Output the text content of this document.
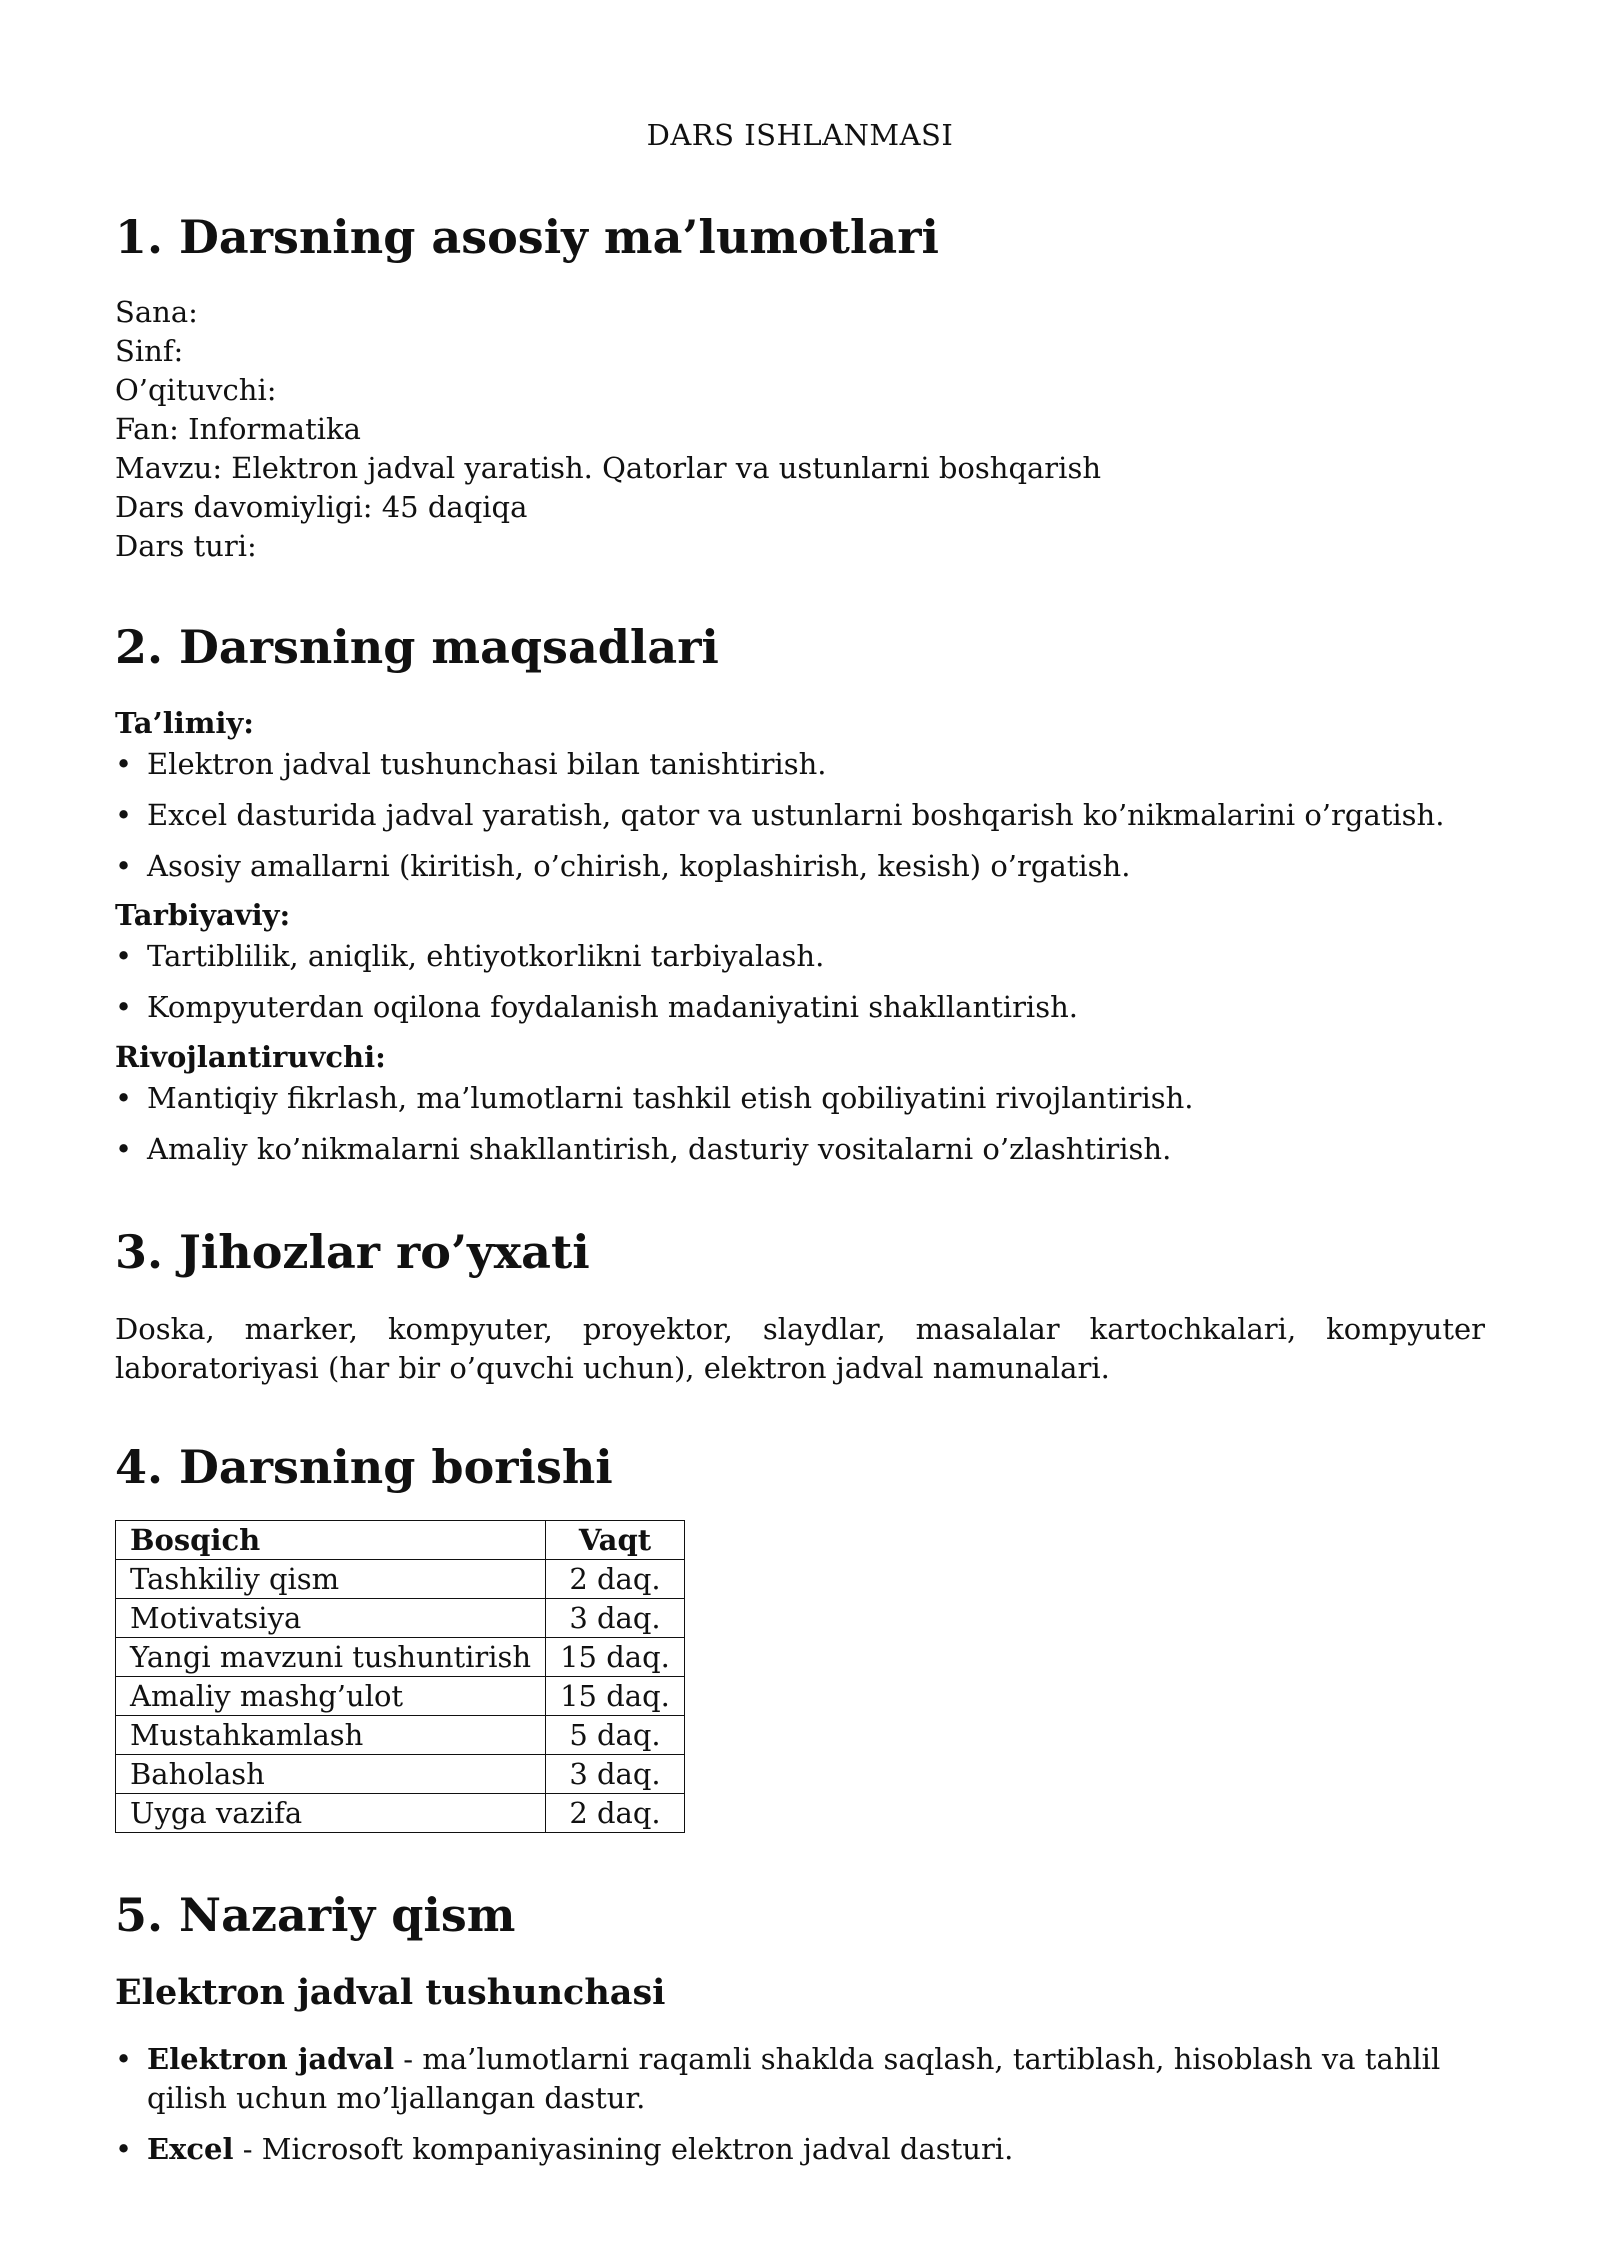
DARS ISHLANMASI
1. Darsning asosiy ma’lumotlari
Sana:
Sinf:
O’qituvchi:
Fan: Informatika
Mavzu: Elektron jadval yaratish. Qatorlar va ustunlarni boshqarish
Dars davomiyligi: 45 daqiqa
Dars turi:
2. Darsning maqsadlari
Ta’limiy:
• Elektron jadval tushunchasi bilan tanishtirish.
• Excel dasturida jadval yaratish, qator va ustunlarni boshqarish ko’nikmalarini o’rgatish.
• Asosiy amallarni (kiritish, o’chirish, koplashirish, kesish) o’rgatish.
Tarbiyaviy:
• Tartiblilik, aniqlik, ehtiyotkorlikni tarbiyalash.
• Kompyuterdan oqilona foydalanish madaniyatini shakllantirish.
Rivojlantiruvchi:
• Mantiqiy fikrlash, ma’lumotlarni tashkil etish qobiliyatini rivojlantirish.
• Amaliy ko’nikmalarni shakllantirish, dasturiy vositalarni o’zlashtirish.
3. Jihozlar ro’yxati
Doska, marker, kompyuter, proyektor, slaydlar, masalalar kartochkalari, kompyuter laboratoriyasi (har bir o’quvchi uchun), elektron jadval namunalari.
4. Darsning borishi
Bosqich	Vaqt
Tashkiliy qism	2 daq.
Motivatsiya	3 daq.
Yangi mavzuni tushuntirish	15 daq.
Amaliy mashg’ulot	15 daq.
Mustahkamlash	5 daq.
Baholash	3 daq.
Uyga vazifa	2 daq.
5. Nazariy qism
Elektron jadval tushunchasi
• Elektron jadval - ma’lumotlarni raqamli shaklda saqlash, tartiblash, hisoblash va tahlil qilish uchun mo’ljallangan dastur.
• Excel - Microsoft kompaniyasining elektron jadval dasturi.
